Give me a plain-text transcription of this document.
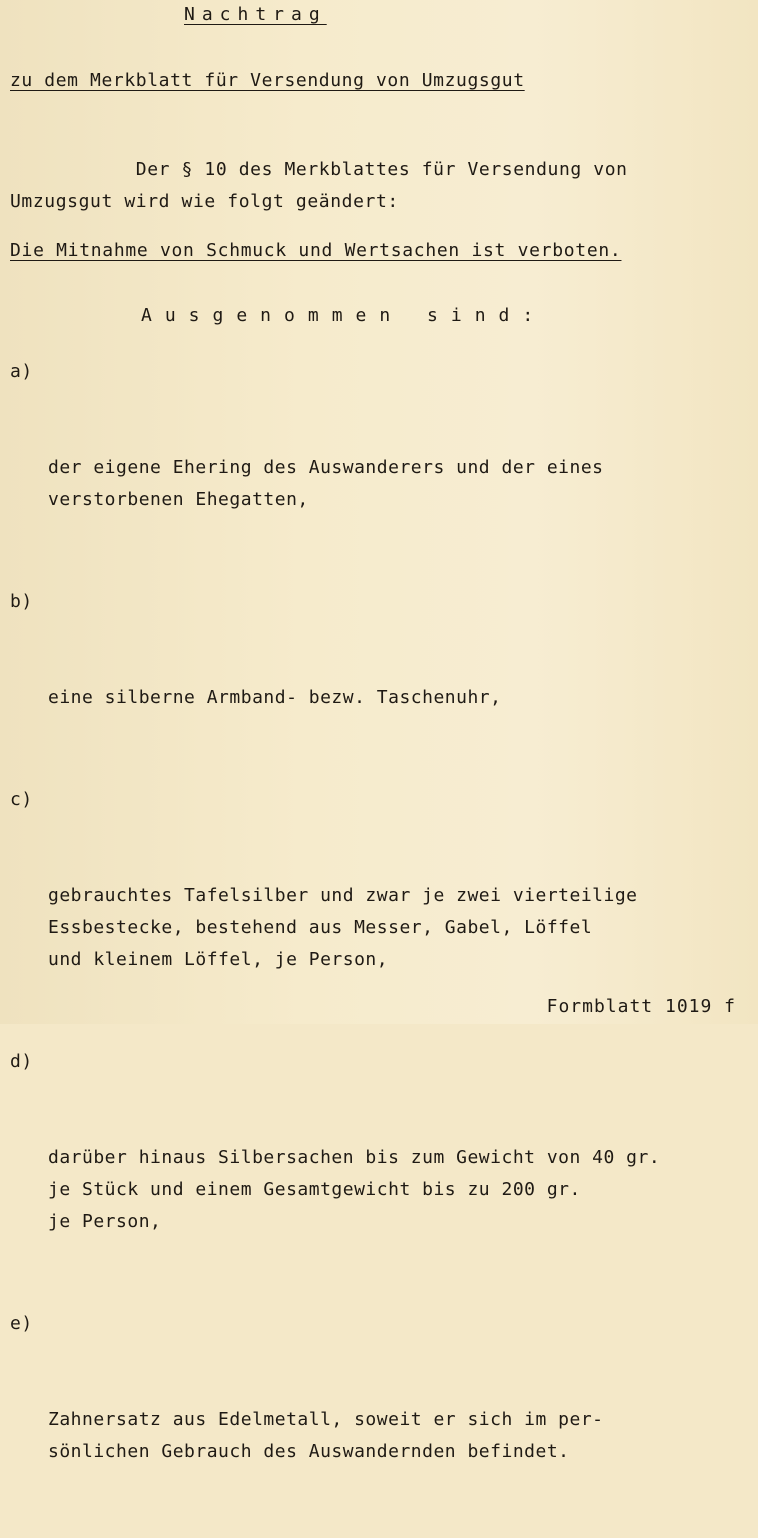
Nachtrag
zu dem Merkblatt für Versendung von Umzugsgut
Der § 10 des Merkblattes für Versendung von
Umzugsgut wird wie folgt geändert:
Die Mitnahme von Schmuck und Wertsachen ist verboten.
Ausgenommen sind:

a)

der eigene Ehering des Auswanderers und der eines
verstorbenen Ehegatten,

b)

eine silberne Armband- bezw. Taschenuhr,

c)

gebrauchtes Tafelsilber und zwar je zwei vierteilige
Essbestecke, bestehend aus Messer, Gabel, Löffel
und kleinem Löffel, je Person,

d)

darüber hinaus Silbersachen bis zum Gewicht von 40 gr.
je Stück und einem Gesamtgewicht bis zu 200 gr.
je Person,

e)

Zahnersatz aus Edelmetall, soweit er sich im per-
sönlichen Gebrauch des Auswandernden befindet.

Formblatt 1019 f
